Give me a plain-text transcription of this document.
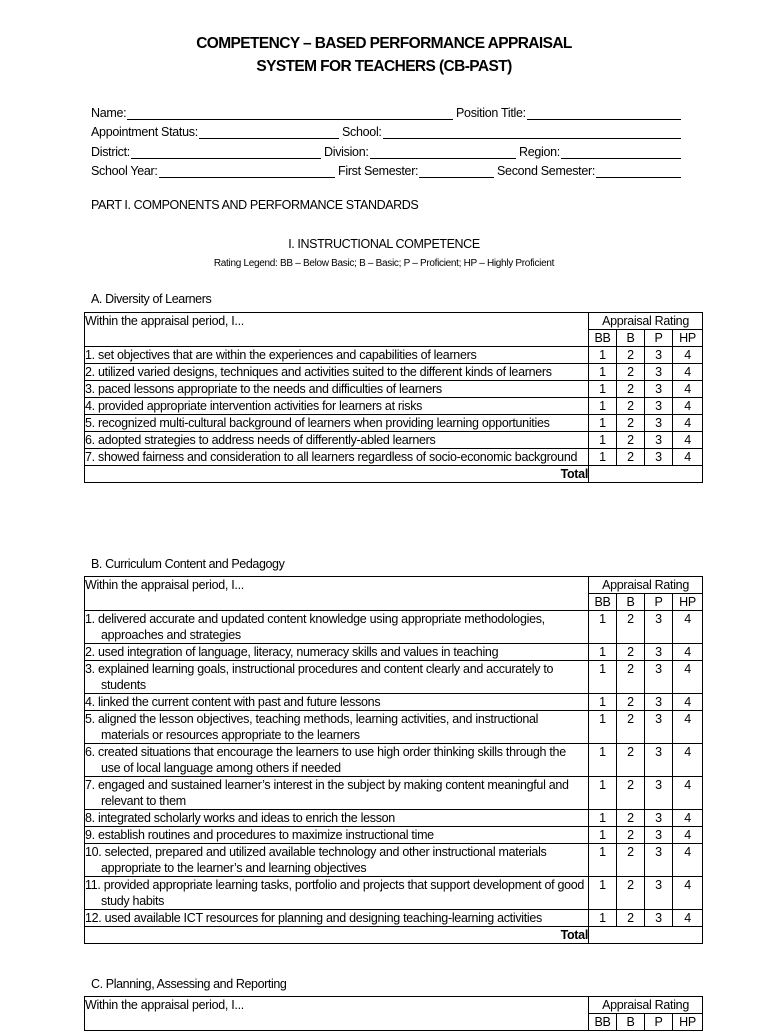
COMPETENCY – BASED PERFORMANCE APPRAISAL
SYSTEM FOR TEACHERS (CB-PAST)
Name:	Position Title:
Appointment Status:	School:
District:	Division:	Region:
School Year:	First Semester:	Second Semester:
PART I. COMPONENTS AND PERFORMANCE STANDARDS
I. INSTRUCTIONAL COMPETENCE
Rating Legend: BB – Below Basic; B – Basic; P – Proficient; HP – Highly Proficient
A. Diversity of Learners
Within the appraisal period, I...	Appraisal Rating			
	BB	B	P	HP

1. set objectives that are within the experiences and capabilities of learners	1	2	3	4

2. utilized varied designs, techniques and activities suited to the different kinds of learners	1	2	3	4

3. paced lessons appropriate to the needs and difficulties of learners	1	2	3	4

4. provided appropriate intervention activities for learners at risks	1	2	3	4

5. recognized multi-cultural background of learners when providing learning opportunities	1	2	3	4

6. adopted strategies to address needs of differently-abled learners	1	2	3	4

7. showed fairness and consideration to all learners regardless of socio-economic background	1	2	3	4
Total				
B. Curriculum Content and Pedagogy
Within the appraisal period, I...	Appraisal Rating			
	BB	B	P	HP

1. delivered accurate and updated content knowledge using appropriate methodologies, approaches and strategies	1	2	3	4

2. used integration of language, literacy, numeracy skills and values in teaching	1	2	3	4

3. explained learning goals, instructional procedures and content clearly and accurately to students	1	2	3	4

4. linked the current content with past and future lessons	1	2	3	4

5. aligned the lesson objectives, teaching methods, learning activities, and instructional materials or resources appropriate to the learners	1	2	3	4

6. created situations that encourage the learners to use high order thinking skills through the use of local language among others if needed	1	2	3	4

7. engaged and sustained learner’s interest in the subject by making content meaningful and relevant to them	1	2	3	4

8. integrated scholarly works and ideas to enrich the lesson	1	2	3	4

9. establish routines and procedures to maximize instructional time	1	2	3	4

10. selected, prepared and utilized available technology and other instructional materials appropriate to the learner’s and learning objectives	1	2	3	4

11. provided appropriate learning tasks, portfolio and projects that support development of good study habits	1	2	3	4

12. used available ICT resources for planning and designing teaching-learning activities	1	2	3	4
Total				
C. Planning, Assessing and Reporting
Within the appraisal period, I...	Appraisal Rating			
	BB	B	P	HP
